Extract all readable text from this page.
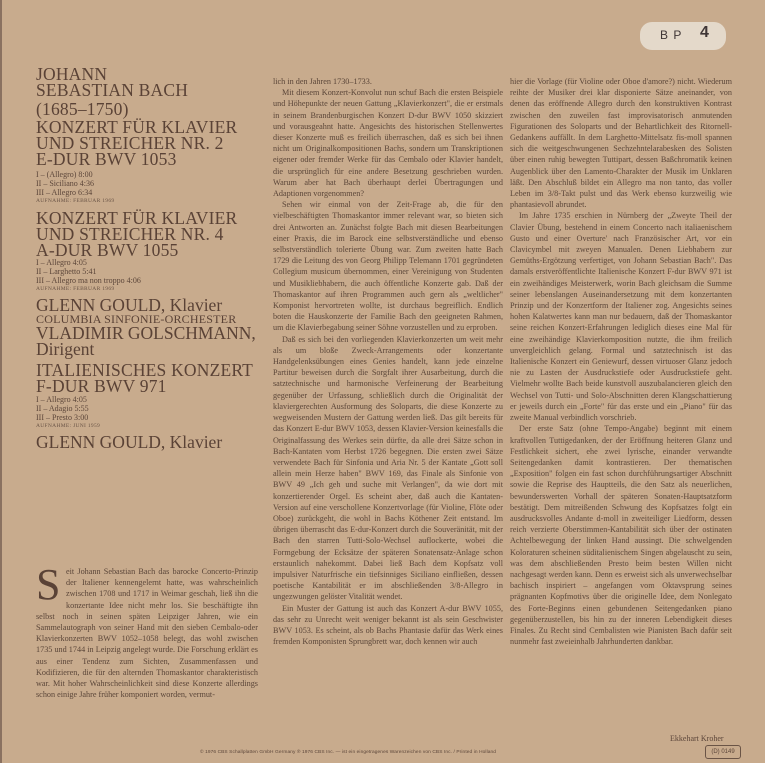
B P 4
JOHANN
SEBASTIAN BACH
(1685–1750)
KONZERT FÜR KLAVIER
UND STREICHER NR. 2
E-DUR BWV 1053
I – (Allegro) 8:00
II – Siciliano 4:36
III – Allegro 6:34
AUFNAHME: FEBRUAR 1969
KONZERT FÜR KLAVIER
UND STREICHER NR. 4
A-DUR BWV 1055
I – Allegro 4:05
II – Larghetto 5:41
III – Allegro ma non troppo 4:06
AUFNAHME: FEBRUAR 1969
GLENN GOULD, Klavier
COLUMBIA SINFONIE-ORCHESTER
VLADIMIR GOLSCHMANN,
Dirigent
ITALIENISCHES KONZERT
F-DUR BWV 971
I – Allegro 4:05
II – Adagio 5:55
III – Presto 3:00
AUFNAHME: JUNI 1959
GLENN GOULD, Klavier

eit Johann Sebastian Bach das barocke Concerto-Prinzip der Italiener kennengelernt hatte, was wahrscheinlich zwischen 1708 und 1717 in Weimar geschah, ließ ihn die konzertante Idee nicht mehr los. Sie beschäftigte ihn selbst noch in seinen späten Leipziger Jahren, wie ein Sammelautograph von seiner Hand mit den sieben Cembalo-oder Klavierkonzerten BWV 1052–1058 belegt, das wohl zwischen 1735 und 1744 in Leipzig angelegt wurde. Die Forschung erklärt es aus einer Tendenz zum Sichten, Zusammenfassen und Kodifizieren, die für den alternden Thomaskantor charakteristisch war. Mit hoher Wahrscheinlichkeit sind diese Konzerte allerdings schon einige Jahre früher komponiert worden, vermut-

S

lich in den Jahren 1730–1733.

Mit diesem Konzert-Konvolut nun schuf Bach die ersten Beispiele und Höhepunkte der neuen Gattung „Klavierkonzert", die er erstmals in seinem Brandenburgischen Konzert D-dur BWV 1050 skizziert und vorausgeahnt hatte. Angesichts des historischen Stellenwertes dieser Konzerte muß es freilich überraschen, daß es sich bei ihnen nicht um Originalkompositionen Bachs, sondern um Transkriptionen eigener oder fremder Werke für das Cembalo oder Klavier handelt, die ursprünglich für eine andere Besetzung geschrieben wurden. Warum aber hat Bach überhaupt derlei Übertragungen und Adaptionen vorgenommen?

Sehen wir einmal von der Zeit-Frage ab, die für den vielbeschäftigten Thomaskantor immer relevant war, so bieten sich drei Antworten an. Zunächst folgte Bach mit diesen Bearbeitungen einer Praxis, die im Barock eine selbstverständliche und ebenso selbstverständlich tolerierte Übung war. Zum zweiten hatte Bach 1729 die Leitung des von Georg Philipp Telemann 1701 gegründeten Collegium musicum übernommen, einer Vereinigung von Studenten und Musikliebhabern, die auch öffentliche Konzerte gab. Daß der Thomaskantor auf ihren Programmen auch gern als „weltlicher" Komponist hervortreten wollte, ist durchaus begreiflich. Endlich boten die Hauskonzerte der Familie Bach den geeigneten Rahmen, um die Klavierbegabung seiner Söhne vorzustellen und zu erproben.

Daß es sich bei den vorliegenden Klavierkonzerten um weit mehr als um bloße Zweck-Arrangements oder konzertante Handgelenksübungen eines Genies handelt, kann jede einzelne Partitur beweisen durch die Sorgfalt ihrer Ausarbeitung, durch die satztechnische und harmonische Verfeinerung der Bearbeitung gegenüber der Urfassung, schließlich durch die Originalität der klaviergerechten Ausformung des Soloparts, die diese Konzerte zu wegweisenden Mustern der Gattung werden ließ. Das gilt bereits für das Konzert E-dur BWV 1053, dessen Klavier-Version keinesfalls die Originalfassung des Werkes sein dürfte, da alle drei Sätze schon in Bach-Kantaten vom Herbst 1726 begegnen. Die ersten zwei Sätze verwendete Bach für Sinfonia und Aria Nr. 5 der Kantate „Gott soll allein mein Herze haben" BWV 169, das Finale als Sinfonie von BWV 49 „Ich geh und suche mit Verlangen", da wie dort mit konzertierender Orgel. Es scheint aber, daß auch die Kantaten-Version auf eine verschollene Konzertvorlage (für Violine, Flöte oder Oboe) zurückgeht, die wohl in Bachs Köthener Zeit entstand. Im übrigen überrascht das E-dur-Konzert durch die Souveränität, mit der Bach den starren Tutti-Solo-Wechsel auflockerte, wobei die Formgebung der Ecksätze der späteren Sonatensatz-Anlage schon erstaunlich nahekommt. Dabei ließ Bach dem Kopfsatz voll impulsiver Naturfrische ein tiefsinniges Siciliano einfließen, dessen poetische Kantabilität er im abschließenden 3/8-Allegro in ungezwungen gelöster Vitalität wendet.

Ein Muster der Gattung ist auch das Konzert A-dur BWV 1055, das sehr zu Unrecht weit weniger bekannt ist als sein Geschwister BWV 1053. Es scheint, als ob Bachs Phantasie dafür das Werk eines fremden Komponisten Sprungbrett war, doch kennen wir auch

hier die Vorlage (für Violine oder Oboe d'amore?) nicht. Wiederum reihte der Musiker drei klar disponierte Sätze aneinander, von denen das eröffnende Allegro durch den konstruktiven Kontrast zwischen den zuweilen fast improvisatorisch anmutenden Figurationen des Soloparts und der Behartlichkeit des Ritornell-Gedankens auffällt. In dem Larghetto-Mittelsatz fis-moll spannen sich die weitgeschwungenen Sechzehntelarabesken des Solisten über einen ruhig bewegten Tuttipart, dessen Baßchromatik keinen Augenblick über den Lamento-Charakter der Musik im Unklaren läßt. Den Abschluß bildet ein Allegro ma non tanto, das voller Leben im 3/8-Takt pulst und das Werk ebenso kurzweilig wie phantasievoll abrundet.

Im Jahre 1735 erschien in Nürnberg der „Zweyte Theil der Clavier Übung, bestehend in einem Concerto nach italiaenischem Gusto und einer Overture' nach Französischer Art, vor ein Clavicymbel mit zweyen Manualen. Denen Liebhabern zur Gemüths-Ergötzung verfertiget, von Johann Sebastian Bach". Das damals erstveröffentlichte Italienische Konzert F-dur BWV 971 ist ein zweihändiges Meisterwerk, worin Bach gleichsam die Summe seiner lebenslangen Auseinandersetzung mit dem konzertanten Prinzip und der Konzertform der Italiener zog. Angesichts seines hohen Kalatwertes kann man nur bedauern, daß der Thomaskantor seine reichen Konzert-Erfahrungen lediglich dieses eine Mal für eine zweihändige Klavierkomposition nutzte, die ihm freilich unvergleichlich gelang. Formal und satztechnisch ist das Italienische Konzert ein Geniewurf, dessen virtuoser Glanz jedoch nie zu Lasten der Ausdruckstiefe oder Ausdruckstiefe geht. Vielmehr wollte Bach beide kunstvoll auszubalancieren gleich den Wechsel von Tutti- und Solo-Abschnitten deren Klangschattierung er jeweils durch ein „Forte" für das erste und ein „Piano" für das zweite Manual verbindlich vorschrieb.

Der erste Satz (ohne Tempo-Angabe) beginnt mit einem kraftvollen Tuttigedanken, der der Eröffnung heiteren Glanz und Festlichkeit sichert, ehe zwei lyrische, einander verwandte Seitengedanken damit kontrastieren. Der thematischen „Exposition" folgen ein fast schon durchführungsartiger Abschnitt sowie die Reprise des Hauptteils, die den Satz als neuerlichen, bewunderswerten Vorhall der späteren Sonaten-Hauptsatzform bestätigt. Dem mitreißenden Schwung des Kopfsatzes folgt ein ausdrucksvolles Andante d-moll in zweiteiliger Liedform, dessen reich verzierte Oberstimmen-Kantabilität sich über der ostinaten Achtelbewegung der linken Hand aussingt. Die schwelgenden Koloraturen scheinen süditalienischem Singen abgelauscht zu sein, was dem abschließenden Presto beim besten Willen nicht nachgesagt werden kann. Denn es erweist sich als unverwechselbar bachisch inspiriert – angefangen vom Oktavsprung seines prägnanten Kopfmotivs über die originelle Idee, dem Nonlegato des Forte-Beginns einen gebundenen Seitengedanken piano gegenüberzustellen, bis hin zu der inneren Lebendigkeit dieses Finales. Zu Recht sind Cembalisten wie Pianisten Bach dafür seit nunmehr fast zweieinhalb Jahrhunderten dankbar.

Ekkehart Kroher
© 1976 CBS Schallplatten GmbH Germany ℗ 1976 CBS Inc. — ist ein eingetragenes Warenzeichen von CBS Inc. / Printed in Holland	(D) 0149
